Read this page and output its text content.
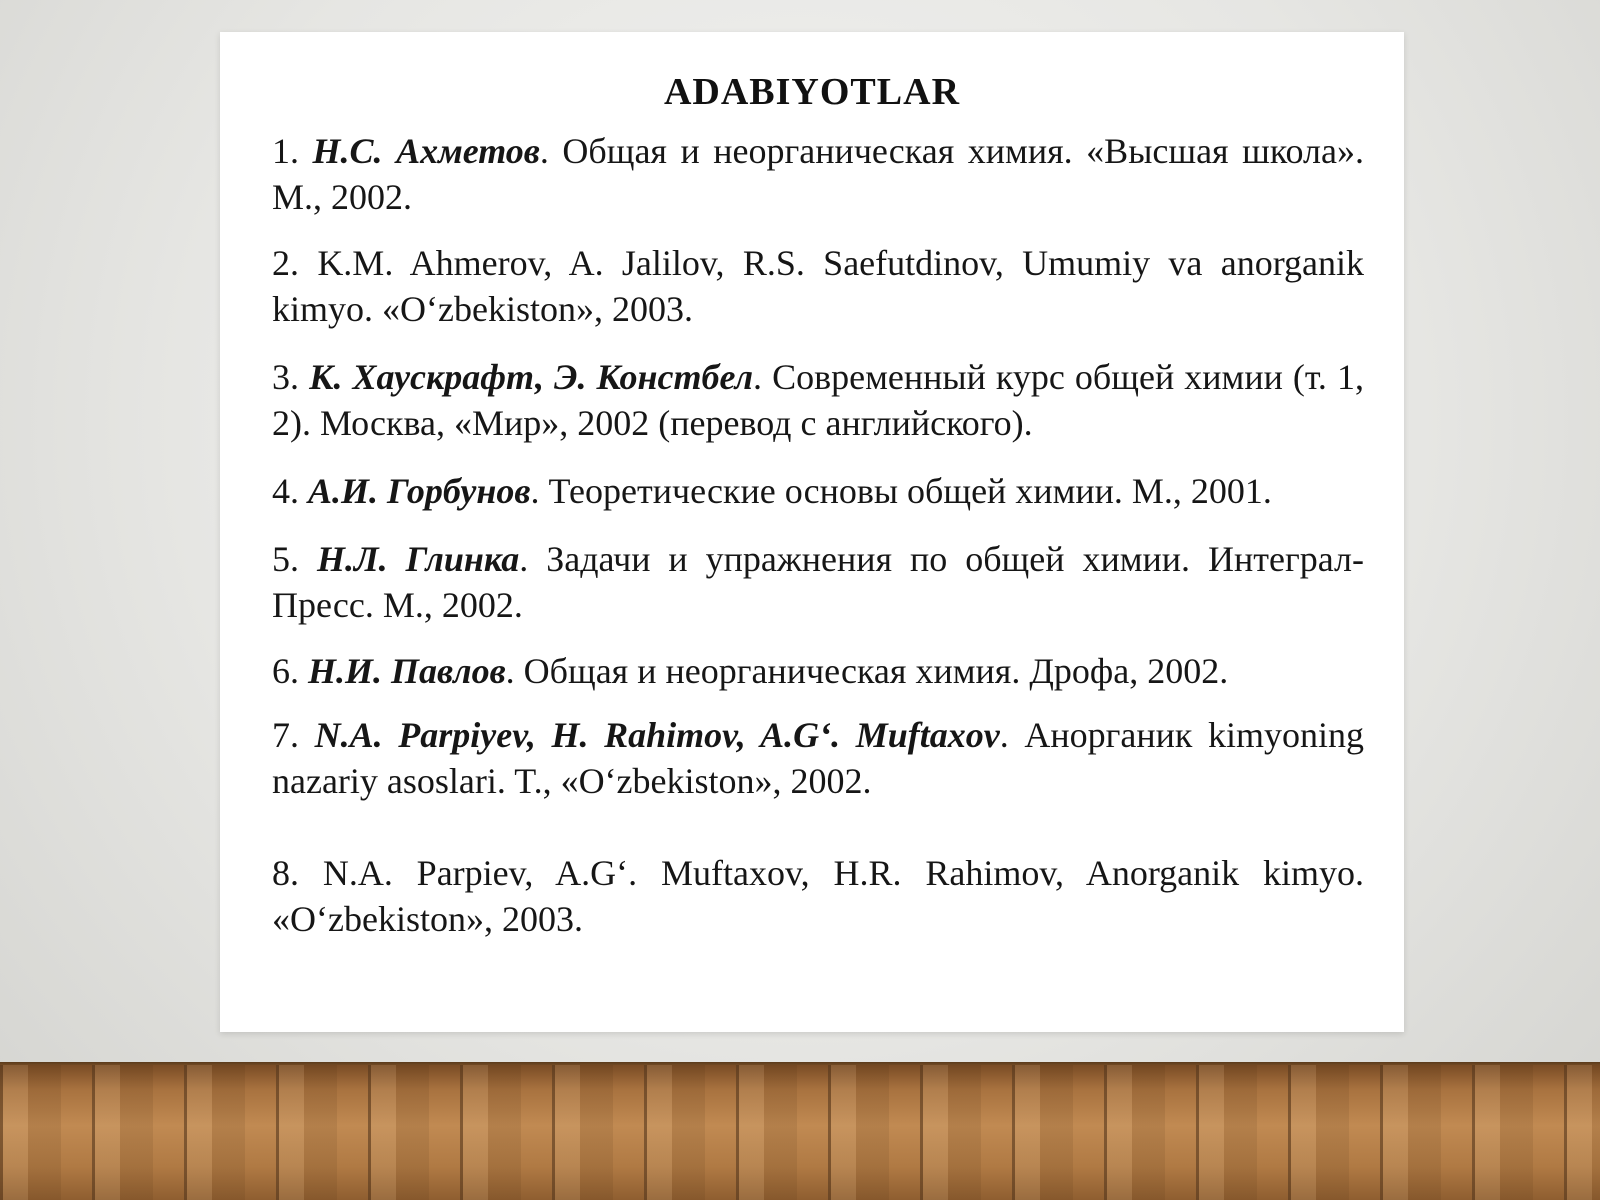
ADABIYOTLAR

1. Н.С. Ахметов. Общая и неорганическая химия. «Высшая школа». М., 2002.

2. K.M. Ahmerov, A. Jalilov, R.S. Saefutdinov, Umumiy va anorganik kimyo. «O‘zbekiston», 2003.

3. К. Хаускрафт, Э. Констбел. Современный курс общей химии (т. 1, 2). Москва, «Мир», 2002 (перевод с английского).

4. А.И. Горбунов. Теоретические основы общей химии. М., 2001.

5. Н.Л. Глинка. Задачи и упражнения по общей химии. Интеграл-Пресс. М., 2002.

6. Н.И. Павлов. Общая и неорганическая химия. Дрофа, 2002.

7. N.A. Parpiyev, H. Rahimov, A.G‘. Muftaxov. Анорганик kimyoning nazariy asoslari. T., «O‘zbekiston», 2002.

8. N.A. Parpiev, A.G‘. Muftaxov, H.R. Rahimov, Anorganik kimyo. «O‘zbekiston», 2003.
